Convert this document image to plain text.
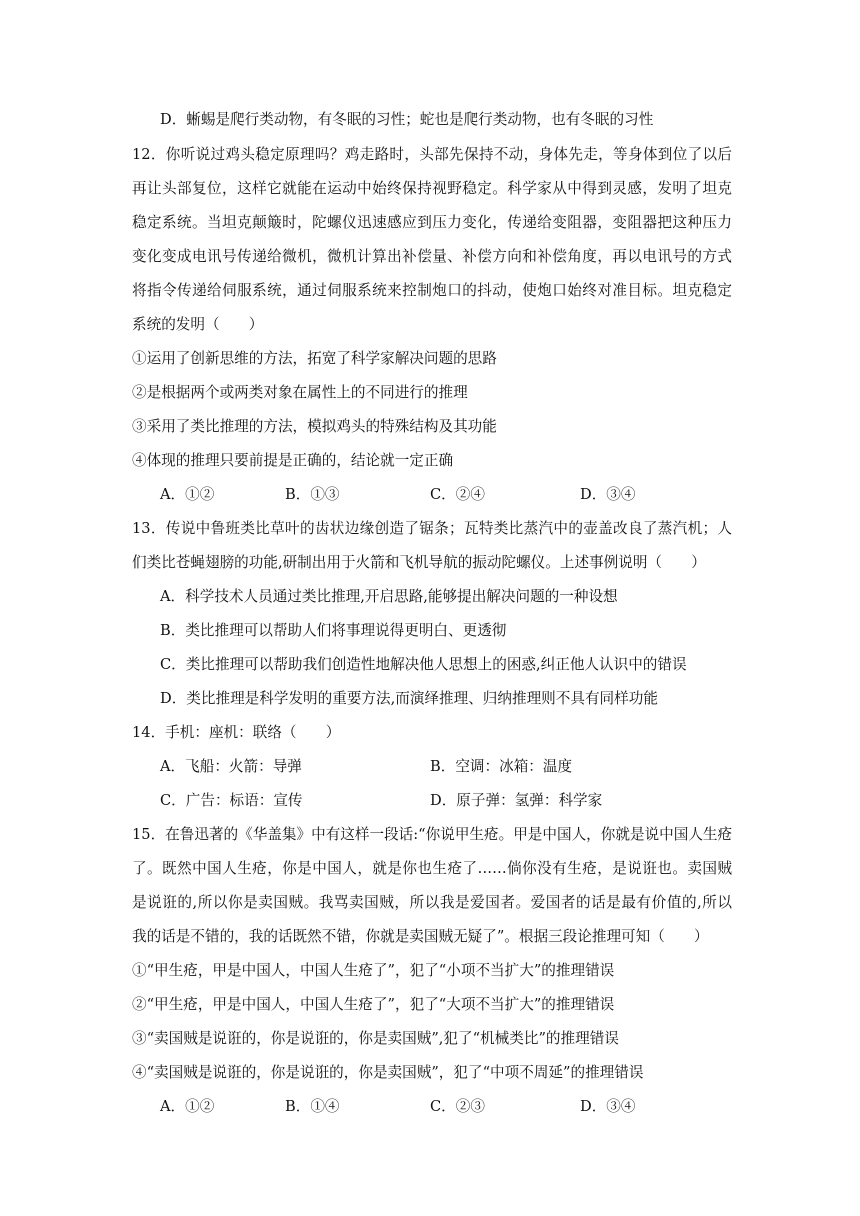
D．蜥蜴是爬行类动物，有冬眠的习性；蛇也是爬行类动物，也有冬眠的习性
12．你听说过鸡头稳定原理吗？鸡走路时，头部先保持不动，身体先走，等身体到位了以后
再让头部复位，这样它就能在运动中始终保持视野稳定。科学家从中得到灵感，发明了坦克
稳定系统。当坦克颠簸时，陀螺仪迅速感应到压力变化，传递给变阻器，变阻器把这种压力
变化变成电讯号传递给微机，微机计算出补偿量、补偿方向和补偿角度，再以电讯号的方式
将指令传递给伺服系统，通过伺服系统来控制炮口的抖动，使炮口始终对准目标。坦克稳定
系统的发明（　　）
①运用了创新思维的方法，拓宽了科学家解决问题的思路
②是根据两个或两类对象在属性上的不同进行的推理
③采用了类比推理的方法，模拟鸡头的特殊结构及其功能
④体现的推理只要前提是正确的，结论就一定正确
A．①②	B．①③	C．②④	D．③④
13．传说中鲁班类比草叶的齿状边缘创造了锯条；瓦特类比蒸汽中的壶盖改良了蒸汽机；人
们类比苍蝇翅膀的功能,研制出用于火箭和飞机导航的振动陀螺仪。上述事例说明（　　）
A．科学技术人员通过类比推理,开启思路,能够提出解决问题的一种设想
B．类比推理可以帮助人们将事理说得更明白、更透彻
C．类比推理可以帮助我们创造性地解决他人思想上的困惑,纠正他人认识中的错误
D．类比推理是科学发明的重要方法,而演绎推理、归纳推理则不具有同样功能
14．手机：座机：联络（　　）
A．飞船：火箭：导弹	B．空调：冰箱：温度
C．广告：标语：宣传	D．原子弹：氢弹：科学家
15．在鲁迅著的《华盖集》中有这样一段话:“你说甲生疮。甲是中国人，你就是说中国人生疮
了。既然中国人生疮，你是中国人，就是你也生疮了……倘你没有生疮，是说诳也。卖国贼
是说诳的,所以你是卖国贼。我骂卖国贼，所以我是爱国者。爱国者的话是最有价值的,所以
我的话是不错的，我的话既然不错，你就是卖国贼无疑了”。根据三段论推理可知（　　）
①“甲生疮，甲是中国人，中国人生疮了”，犯了“小项不当扩大”的推理错误
②“甲生疮，甲是中国人，中国人生疮了”，犯了“大项不当扩大”的推理错误
③“卖国贼是说诳的，你是说诳的，你是卖国贼”,犯了“机械类比”的推理错误
④“卖国贼是说诳的，你是说诳的，你是卖国贼”，犯了“中项不周延”的推理错误
A．①②	B．①④	C．②③	D．③④
